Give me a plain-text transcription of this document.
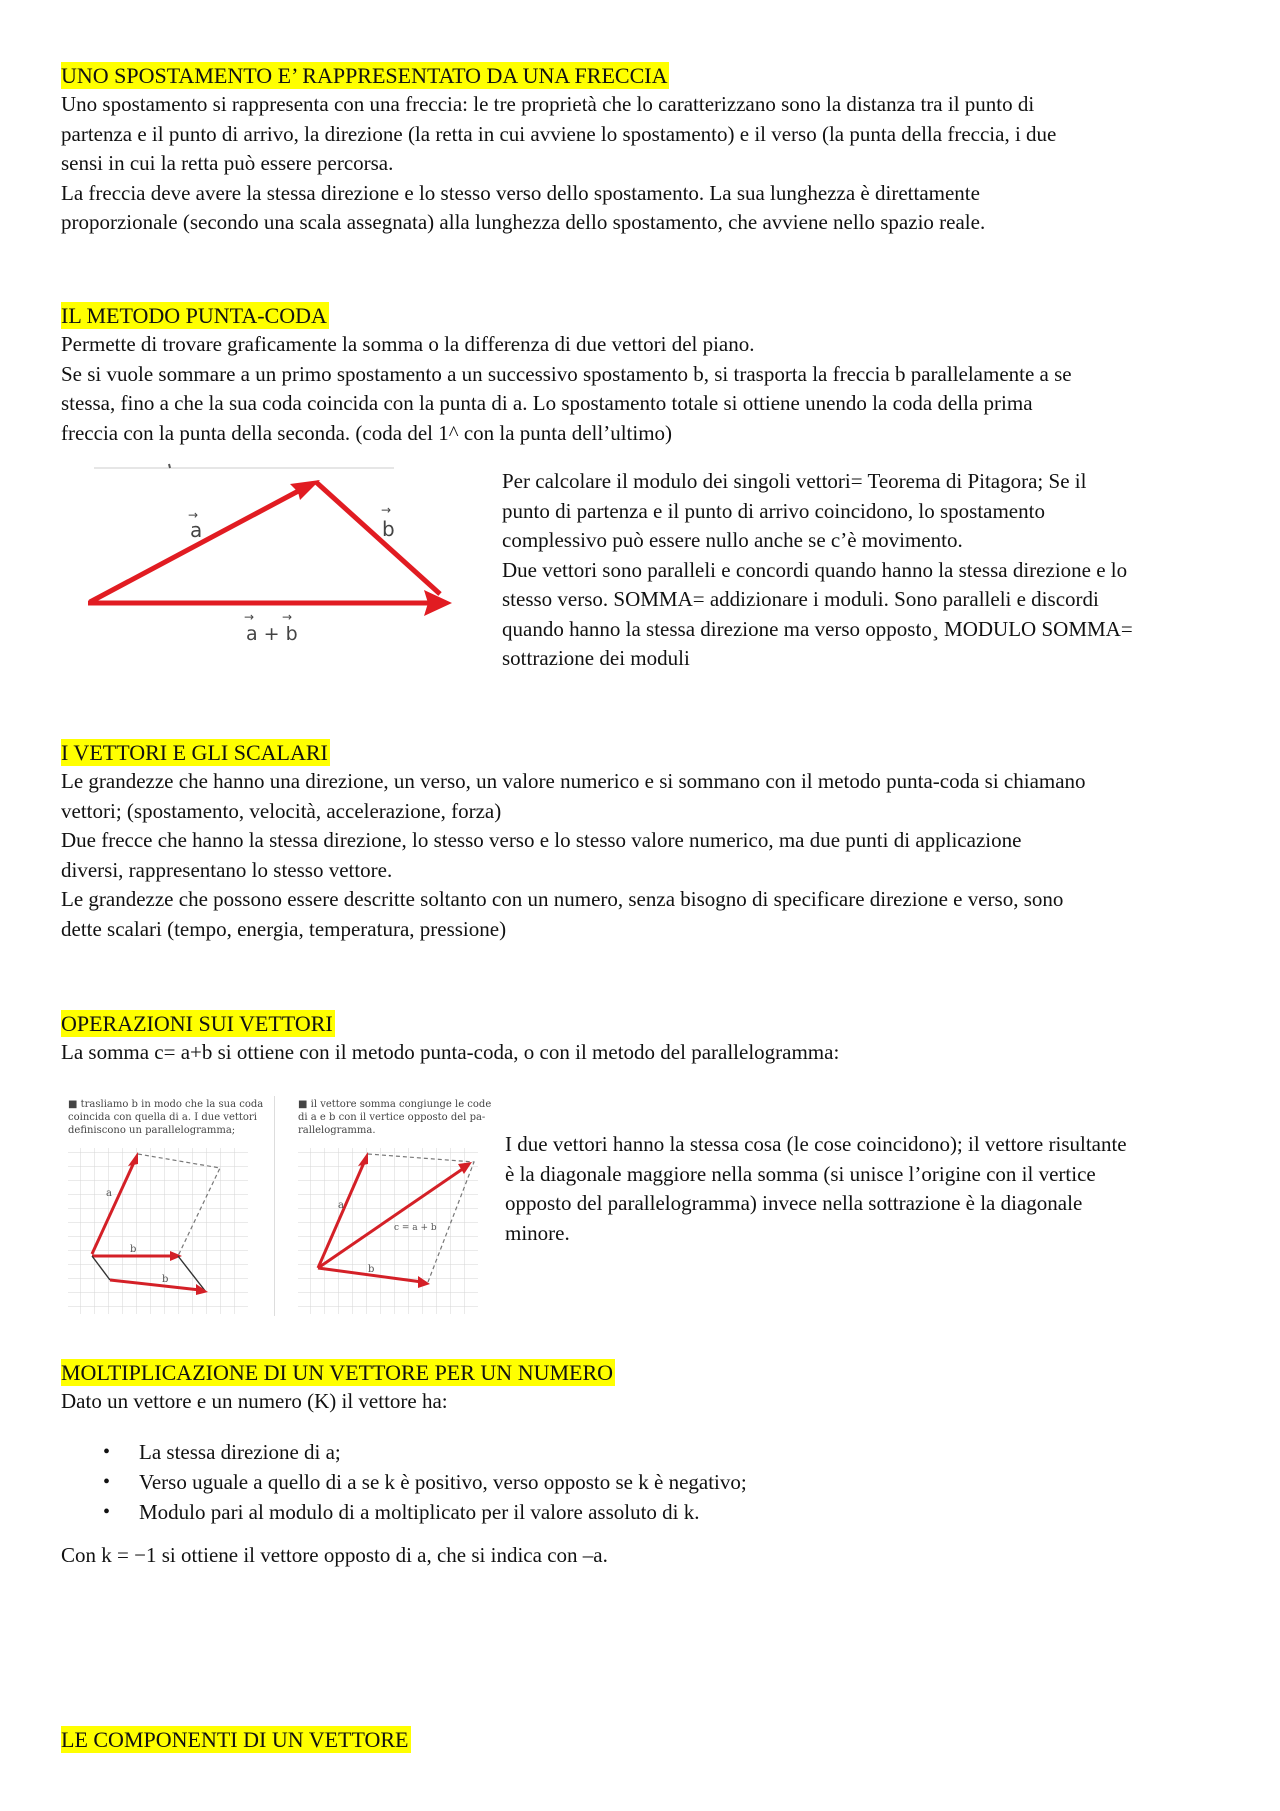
UNO SPOSTAMENTO E’ RAPPRESENTATO DA UNA FRECCIA

Uno spostamento si rappresenta con una freccia: le tre proprietà che lo caratterizzano sono la distanza tra il punto di

partenza e il punto di arrivo, la direzione (la retta in cui avviene lo spostamento) e il verso (la punta della freccia, i due

sensi in cui la retta può essere percorsa.

La freccia deve avere la stessa direzione e lo stesso verso dello spostamento. La sua lunghezza è direttamente

proporzionale (secondo una scala assegnata) alla lunghezza dello spostamento, che avviene nello spazio reale.

IL METODO PUNTA-CODA

Permette di trovare graficamente la somma o la differenza di due vettori del piano.

Se si vuole sommare a un primo spostamento a un successivo spostamento b, si trasporta la freccia b parallelamente a se

stessa, fino a che la sua coda coincida con la punta di a. Lo spostamento totale si ottiene unendo la coda della prima

freccia con la punta della seconda. (coda del 1^ con la punta dell’ultimo)

a
→
b
→
a + b
→ →

Per calcolare il modulo dei singoli vettori= Teorema di Pitagora; Se il

punto di partenza e il punto di arrivo coincidono, lo spostamento

complessivo può essere nullo anche se c’è movimento.

Due vettori sono paralleli e concordi quando hanno la stessa direzione e lo

stesso verso. SOMMA= addizionare i moduli. Sono paralleli e discordi

quando hanno la stessa direzione ma verso opposto¸ MODULO SOMMA=

sottrazione dei moduli

I VETTORI E GLI SCALARI

Le grandezze che hanno una direzione, un verso, un valore numerico e si sommano con il metodo punta-coda si chiamano

vettori; (spostamento, velocità, accelerazione, forza)

Due frecce che hanno la stessa direzione, lo stesso verso e lo stesso valore numerico, ma due punti di applicazione

diversi, rappresentano lo stesso vettore.

Le grandezze che possono essere descritte soltanto con un numero, senza bisogno di specificare direzione e verso, sono

dette scalari (tempo, energia, temperatura, pressione)

OPERAZIONI SUI VETTORI

La somma c= a+b si ottiene con il metodo punta-coda, o con il metodo del parallelogramma:

■ trasliamo b in modo che la sua coda
coincida con quella di a. I due vettori
definiscono un parallelogramma;
a
b
b
■ il vettore somma congiunge le code
di a e b con il vertice opposto del pa-
rallelogramma.
a
b
c = a + b

I due vettori hanno la stessa cosa (le cose coincidono); il vettore risultante

è la diagonale maggiore nella somma (si unisce l’origine con il vertice

opposto del parallelogramma) invece nella sottrazione è la diagonale

minore.

MOLTIPLICAZIONE DI UN VETTORE PER UN NUMERO

Dato un vettore e un numero (K) il vettore ha:

• La stessa direzione di a;
• Verso uguale a quello di a se k è positivo, verso opposto se k è negativo;
• Modulo pari al modulo di a moltiplicato per il valore assoluto di k.

Con k = −1 si ottiene il vettore opposto di a, che si indica con –a.

LE COMPONENTI DI UN VETTORE
